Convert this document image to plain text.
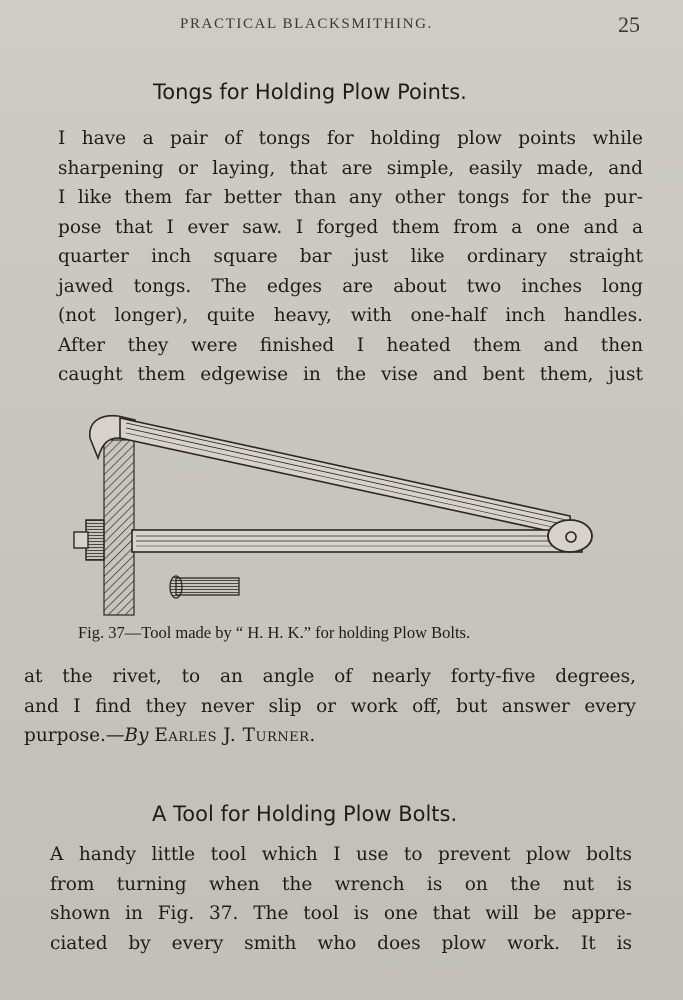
PRACTICAL BLACKSMITHING.	25
Tongs for Holding Plow Points.

I have a pair of tongs for holding plow points while
sharpening or laying, that are simple, easily made, and
I like them far better than any other tongs for the pur-
pose that I ever saw. I forged them from a one and a
quarter inch square bar just like ordinary straight
jawed tongs. The edges are about two inches long
(not longer), quite heavy, with one-half inch handles.
After they were finished I heated them and then
caught them edgewise in the vise and bent them, just

Fig. 37—Tool made by “ H. H. K.” for holding Plow Bolts.

at the rivet, to an angle of nearly forty-five degrees,
and I find they never slip or work off, but answer every
purpose.—By Earles J. Turner.

A Tool for Holding Plow Bolts.

A handy little tool which I use to prevent plow bolts
from turning when the wrench is on the nut is
shown in Fig. 37. The tool is one that will be appre-
ciated by every smith who does plow work. It is
